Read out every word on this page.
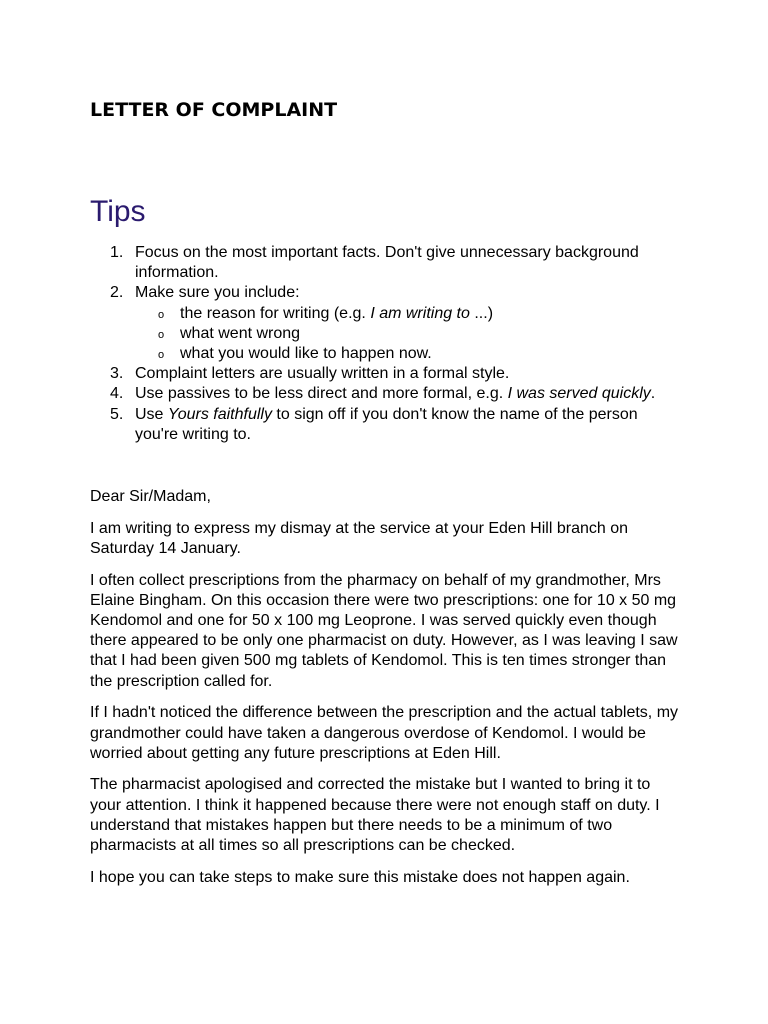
LETTER OF COMPLAINT
Tips
1. Focus on the most important facts. Don't give unnecessary background information.
2. Make sure you include:
o the reason for writing (e.g. I am writing to ...)
o what went wrong
o what you would like to happen now.
3. Complaint letters are usually written in a formal style.
4. Use passives to be less direct and more formal, e.g. I was served quickly.
5. Use Yours faithfully to sign off if you don't know the name of the person you're writing to.

Dear Sir/Madam,

I am writing to express my dismay at the service at your Eden Hill branch on Saturday 14 January.

I often collect prescriptions from the pharmacy on behalf of my grandmother, Mrs Elaine Bingham. On this occasion there were two prescriptions: one for 10 x 50 mg Kendomol and one for 50 x 100 mg Leoprone. I was served quickly even though there appeared to be only one pharmacist on duty. However, as I was leaving I saw that I had been given 500 mg tablets of Kendomol. This is ten times stronger than the prescription called for.

If I hadn't noticed the difference between the prescription and the actual tablets, my grandmother could have taken a dangerous overdose of Kendomol. I would be worried about getting any future prescriptions at Eden Hill.

The pharmacist apologised and corrected the mistake but I wanted to bring it to your attention. I think it happened because there were not enough staff on duty. I understand that mistakes happen but there needs to be a minimum of two pharmacists at all times so all prescriptions can be checked.

I hope you can take steps to make sure this mistake does not happen again.
